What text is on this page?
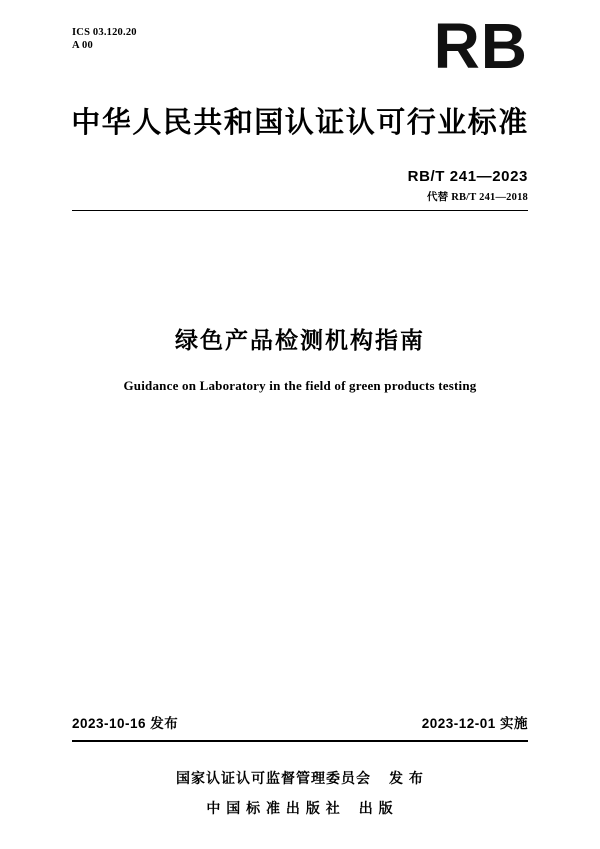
ICS 03.120.20
A 00	RB
中华人民共和国认证认可行业标准
RB/T 241—2023
代替 RB/T 241—2018
绿色产品检测机构指南
Guidance on Laboratory in the field of green products testing
2023-10-16 发布	2023-12-01 实施
国家认证认可监督管理委员会 发 布
中 国 标 准 出 版 社 出 版
